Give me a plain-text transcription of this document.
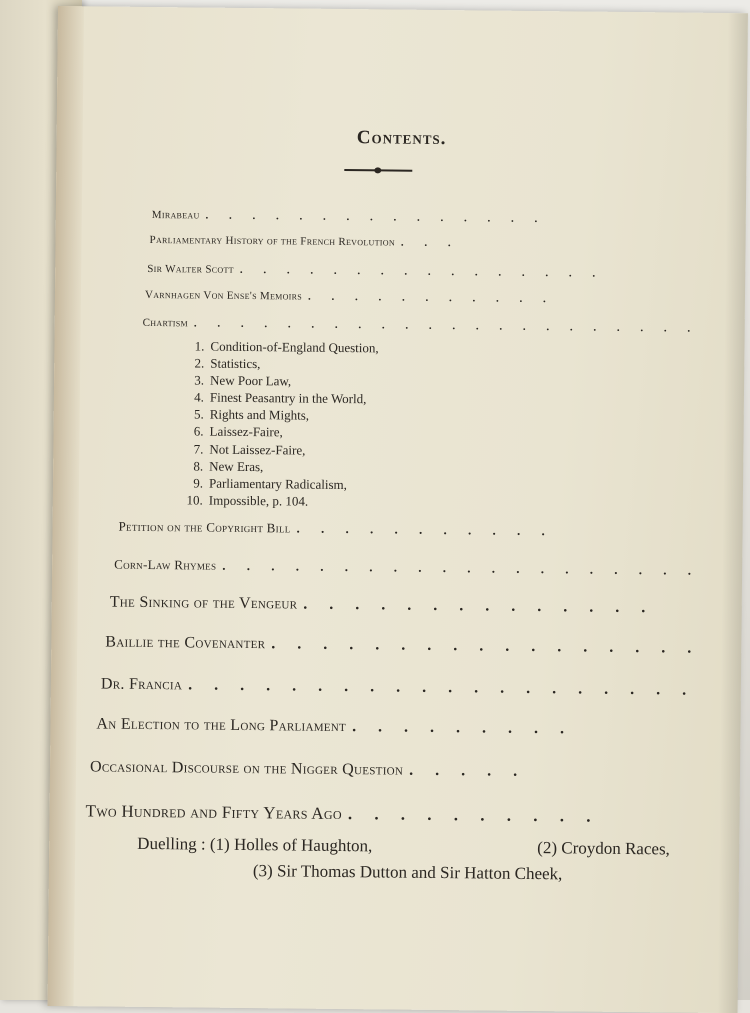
Contents.
Mirabeau . . . . . . . . . . . . . . .
Parliamentary History of the French Revolution . . .
Sir Walter Scott . . . . . . . . . . . . . . . .
Varnhagen Von Ense's Memoirs . . . . . . . . . . .
Chartism . . . . . . . . . . . . . . . . . . . . . .
1. Condition-of-England Question,
2. Statistics,
3. New Poor Law,
4. Finest Peasantry in the World,
5. Rights and Mights,
6. Laissez-Faire,
7. Not Laissez-Faire,
8. New Eras,
9. Parliamentary Radicalism,
10. Impossible, p. 104.
Petition on the Copyright Bill . . . . . . . . . . .
Corn-Law Rhymes . . . . . . . . . . . . . . . . . . . .
The Sinking of the Vengeur . . . . . . . . . . . . . .
Baillie the Covenanter . . . . . . . . . . . . . . . . .
Dr. Francia . . . . . . . . . . . . . . . . . . . .
An Election to the Long Parliament . . . . . . . . .
Occasional Discourse on the Nigger Question . . . . .
Two Hundred and Fifty Years Ago . . . . . . . . . .
Duelling : (1) Holles of Haughton,	(2) Croydon Races,
(3) Sir Thomas Dutton and Sir Hatton Cheek,
